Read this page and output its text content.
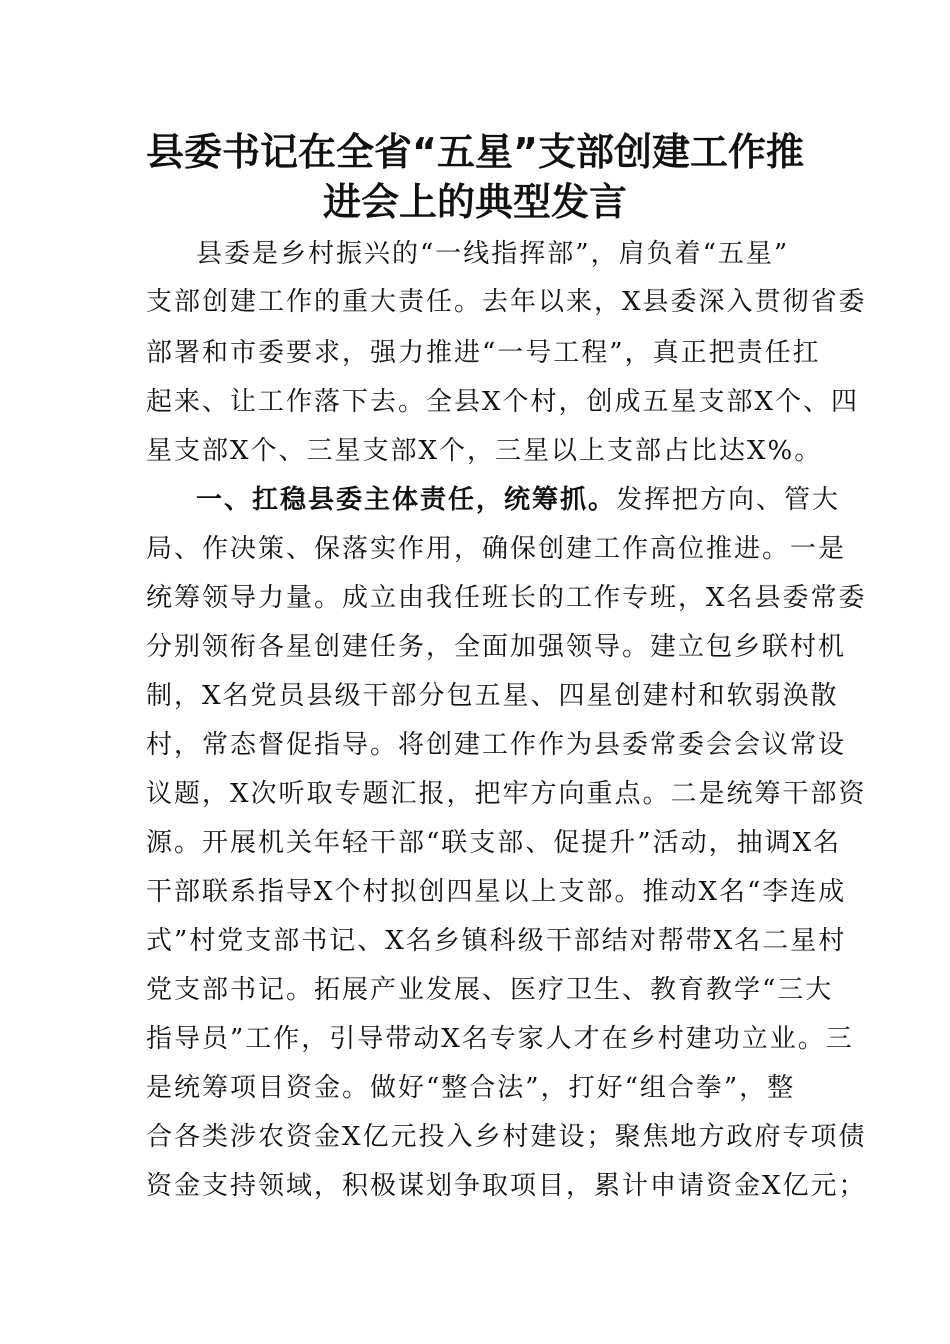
县委书记在全省“五星”支部创建工作推
进会上的典型发言
县委是乡村振兴的“一线指挥部”，肩负着“五星”
支部创建工作的重大责任。去年以来，X县委深入贯彻省委
部署和市委要求，强力推进“一号工程”，真正把责任扛
起来、让工作落下去。全县X个村，创成五星支部X个、四
星支部X个、三星支部X个，三星以上支部占比达X%。
一、扛稳县委主体责任，统筹抓。发挥把方向、管大
局、作决策、保落实作用，确保创建工作高位推进。一是
统筹领导力量。成立由我任班长的工作专班，X名县委常委
分别领衔各星创建任务，全面加强领导。建立包乡联村机
制，X名党员县级干部分包五星、四星创建村和软弱涣散
村，常态督促指导。将创建工作作为县委常委会会议常设
议题，X次听取专题汇报，把牢方向重点。二是统筹干部资
源。开展机关年轻干部“联支部、促提升”活动，抽调X名
干部联系指导X个村拟创四星以上支部。推动X名“李连成
式”村党支部书记、X名乡镇科级干部结对帮带X名二星村
党支部书记。拓展产业发展、医疗卫生、教育教学“三大
指导员”工作，引导带动X名专家人才在乡村建功立业。三
是统筹项目资金。做好“整合法”，打好“组合拳”，整
合各类涉农资金X亿元投入乡村建设；聚焦地方政府专项债
资金支持领域，积极谋划争取项目，累计申请资金X亿元；
